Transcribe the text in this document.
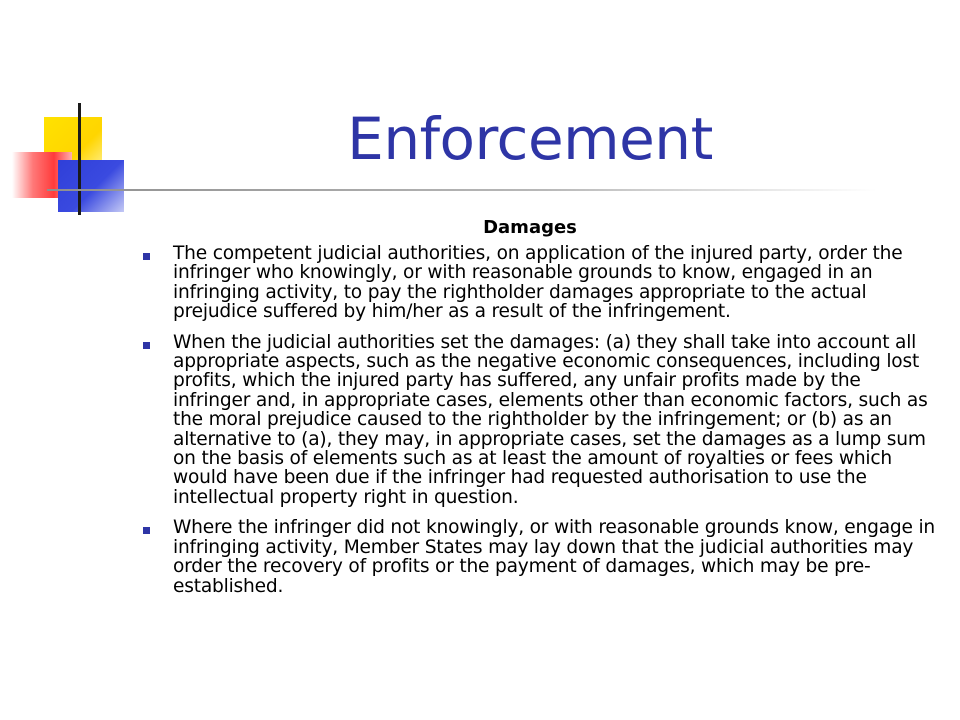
Enforcement
Damages
The competent judicial authorities, on application of the injured party, order the infringer who knowingly, or with reasonable grounds to know, engaged in an infringing activity, to pay the rightholder damages appropriate to the actual prejudice suffered by him/her as a result of the infringement.
When the judicial authorities set the damages: (a) they shall take into account all appropriate aspects, such as the negative economic consequences, including lost profits, which the injured party has suffered, any unfair profits made by the infringer and, in appropriate cases, elements other than economic factors, such as the moral prejudice caused to the rightholder by the infringement; or (b) as an alternative to (a), they may, in appropriate cases, set the damages as a lump sum on the basis of elements such as at least the amount of royalties or fees which would have been due if the infringer had requested authorisation to use the intellectual property right in question.
Where the infringer did not knowingly, or with reasonable grounds know, engage in infringing activity, Member States may lay down that the judicial authorities may order the recovery of profits or the payment of damages, which may be pre-established.
